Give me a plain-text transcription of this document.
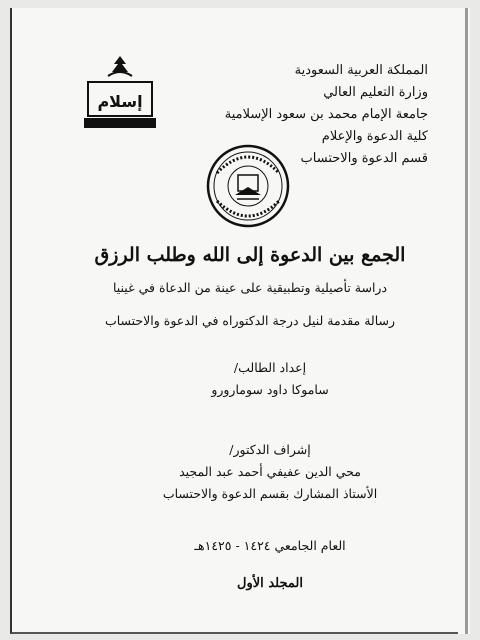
المملكة العربية السعودية
وزارة التعليم العالي
جامعة الإمام محمد بن سعود الإسلامية
كلية الدعوة والإعلام
قسم الدعوة والاحتساب
إسلام
الجمع بين الدعوة إلى الله وطلب الرزق
دراسة تأصيلية وتطبيقية على عينة من الدعاة في غينيا
رسالة مقدمة لنيل درجة الدكتوراه في الدعوة والاحتساب
إعداد الطالب/
ساموكا داود سومارورو
إشراف الدكتور/
محي الدين عفيفي أحمد عبد المجيد
الأستاذ المشارك بقسم الدعوة والاحتساب
العام الجامعي ١٤٢٤ - ١٤٢٥هـ
المجلد الأول
